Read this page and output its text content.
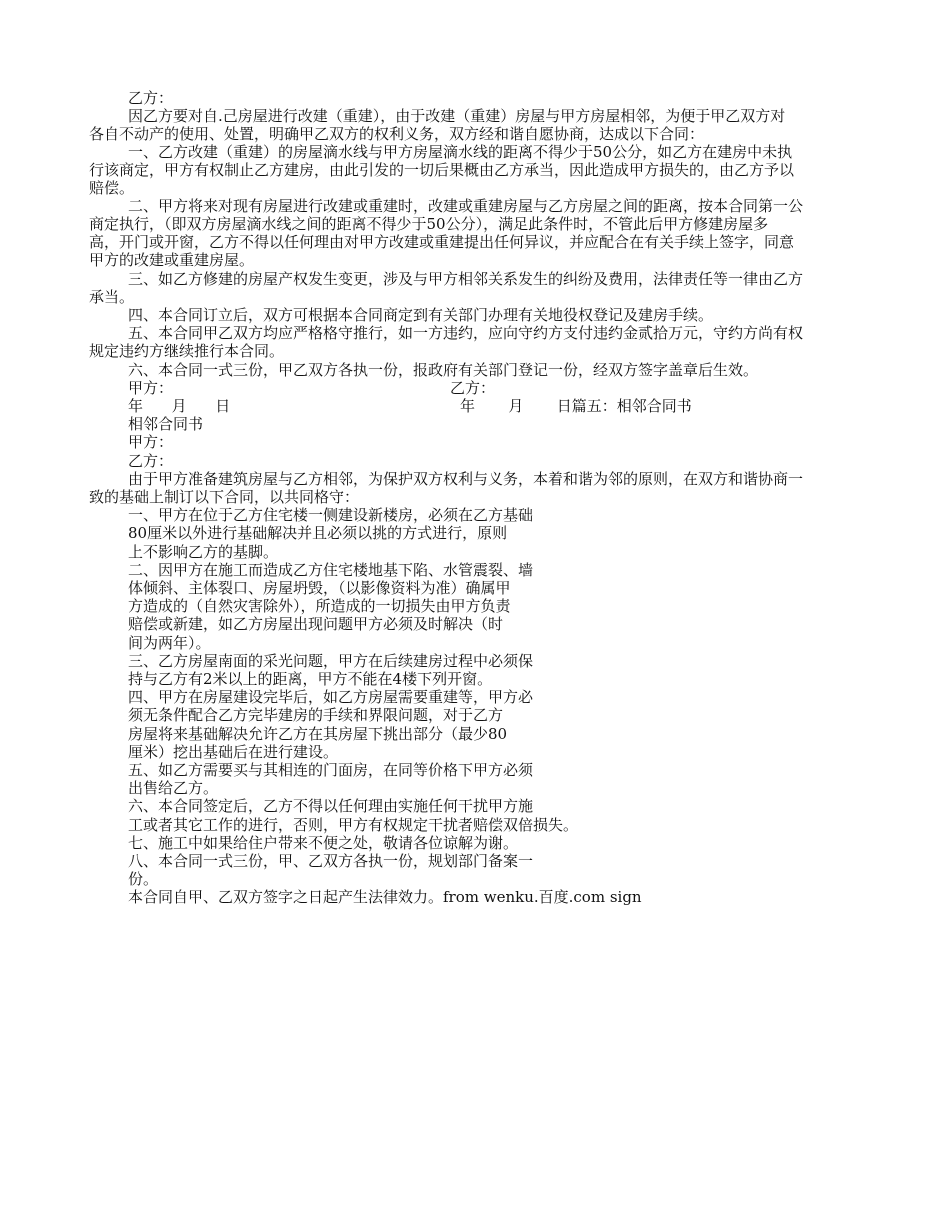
乙方：
因乙方要对自.己房屋进行改建（重建），由于改建（重建）房屋与甲方房屋相邻，为便于甲乙双方对
各自不动产的使用、处置，明确甲乙双方的权利义务，双方经和谐自愿协商，达成以下合同：
一、乙方改建（重建）的房屋滴水线与甲方房屋滴水线的距离不得少于50公分，如乙方在建房中未执
行该商定，甲方有权制止乙方建房，由此引发的一切后果概由乙方承当，因此造成甲方损失的，由乙方予以
赔偿。
二、甲方将来对现有房屋进行改建或重建时，改建或重建房屋与乙方房屋之间的距离，按本合同第一公
商定执行，（即双方房屋滴水线之间的距离不得少于50公分），满足此条件时，不管此后甲方修建房屋多
高，开门或开窗，乙方不得以任何理由对甲方改建或重建提出任何异议，并应配合在有关手续上签字，同意
甲方的改建或重建房屋。
三、如乙方修建的房屋产权发生变更，涉及与甲方相邻关系发生的纠纷及费用，法律责任等一律由乙方
承当。
四、本合同订立后，双方可根据本合同商定到有关部门办理有关地役权登记及建房手续。
五、本合同甲乙双方均应严格格守推行，如一方违约，应向守约方支付违约金贰拾万元，守约方尚有权
规定违约方继续推行本合同。
六、本合同一式三份，甲乙双方各执一份，报政府有关部门登记一份，经双方签字盖章后生效。
甲方：	乙方：
年      月      日	年       月       日篇五：相邻合同书
相邻合同书
甲方：
乙方：
由于甲方准备建筑房屋与乙方相邻，为保护双方权利与义务，本着和谐为邻的原则，在双方和谐协商一
致的基础上制订以下合同，以共同格守：
一、甲方在位于乙方住宅楼一侧建设新楼房，必须在乙方基础
80厘米以外进行基础解决并且必须以挑的方式进行，原则
上不影响乙方的基脚。
二、因甲方在施工而造成乙方住宅楼地基下陷、水管震裂、墙
体倾斜、主体裂口、房屋坍毁，（以影像资料为准）确属甲
方造成的（自然灾害除外），所造成的一切损失由甲方负责
赔偿或新建，如乙方房屋出现问题甲方必须及时解决（时
间为两年）。
三、乙方房屋南面的采光问题，甲方在后续建房过程中必须保
持与乙方有2米以上的距离，甲方不能在4楼下列开窗。
四、甲方在房屋建设完毕后，如乙方房屋需要重建等，甲方必
须无条件配合乙方完毕建房的手续和界限问题，对于乙方
房屋将来基础解决允许乙方在其房屋下挑出部分（最少80
厘米）挖出基础后在进行建设。
五、如乙方需要买与其相连的门面房，在同等价格下甲方必须
出售给乙方。
六、本合同签定后，乙方不得以任何理由实施任何干扰甲方施
工或者其它工作的进行，否则，甲方有权规定干扰者赔偿双倍损失。
七、施工中如果给住户带来不便之处，敬请各位谅解为谢。
八、本合同一式三份，甲、乙双方各执一份，规划部门备案一
份。
本合同自甲、乙双方签字之日起产生法律效力。from wenku.百度.com sign
